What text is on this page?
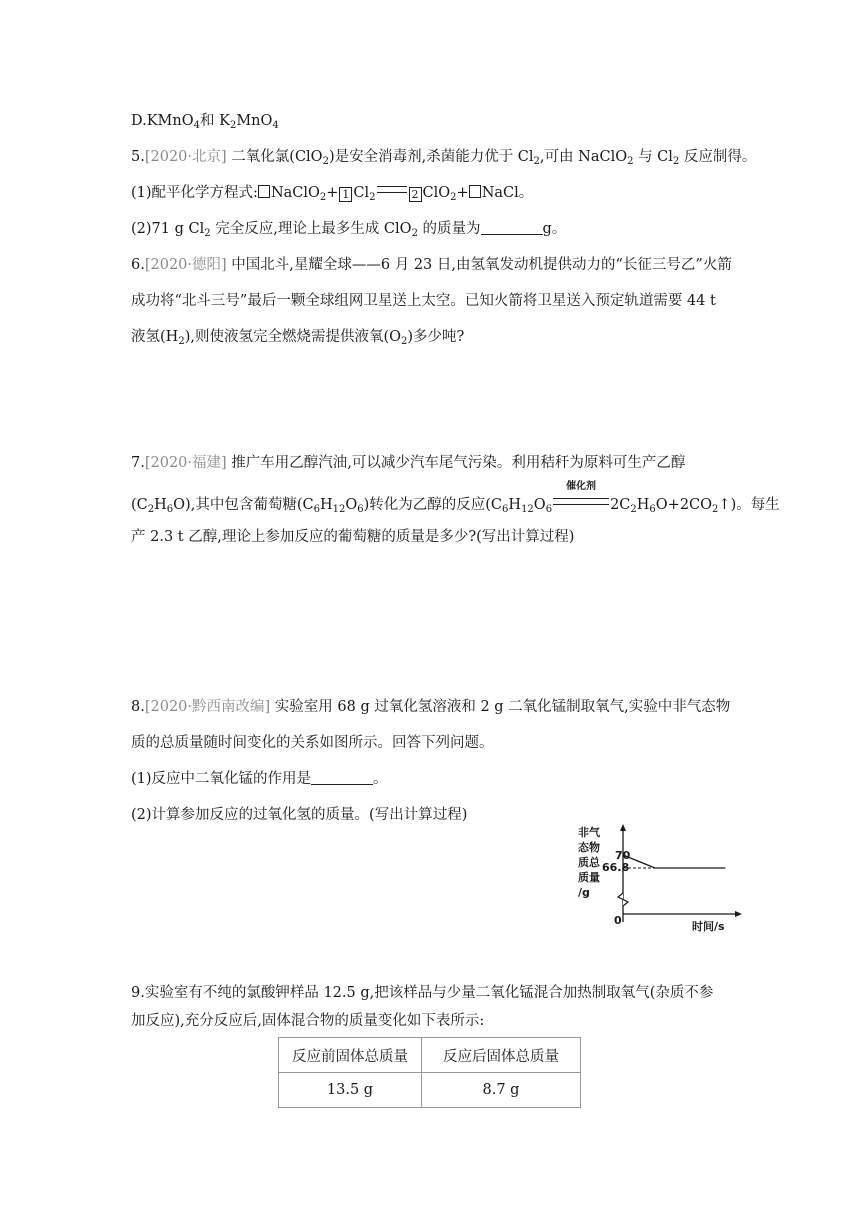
D.KMnO$_4$和 $K_2MnO_4$
5.[2020·北京] 二氧化氯(ClO$_2$)是安全消毒剂,杀菌能力优于 $Cl_2$,可由 NaClO$_2$ 与 $Cl_2$ 反应制得。
(1)配平化学方程式: NaClO$_2$+ 1 $Cl_2$	2 ClO$_2$+ NaCl。
(2)71 g $Cl_2$ 完全反应,理论上最多生成 ClO$_2$ 的质量为	g。
6.[2020·德阳] 中国北斗,星耀全球——6 月 23 日,由氢氧发动机提供动力的“长征三号乙”火箭
成功将“北斗三号”最后一颗全球组网卫星送上太空。已知火箭将卫星送入预定轨道需要 44 t
液氢$(H_2)$,则使液氢完全燃烧需提供液氧$(O_2)$多少吨?
7.[2020·福建] 推广车用乙醇汽油,可以减少汽车尾气污染。利用秸秆为原料可生产乙醇
$(C_2H_6O)$,其中包含葡萄糖$(C_6H_{12}O_6)$转化为乙醇的反应($C_6H_{12}O_6$
催化剂
$2C_2H_6O+2CO_2↑$)。每生
产 2.3 t 乙醇,理论上参加反应的葡萄糖的质量是多少?(写出计算过程)
8.[2020·黔西南改编] 实验室用 68 g 过氧化氢溶液和 2 g 二氧化锰制取氧气,实验中非气态物
质的总质量随时间变化的关系如图所示。回答下列问题。
(1)反应中二氧化锰的作用是	。
(2)计算参加反应的过氧化氢的质量。(写出计算过程)
非气
态物
质总
质量
/g
70
66.8
0	时间/s
9.实验室有不纯的氯酸钾样品 12.5 g,把该样品与少量二氧化锰混合加热制取氧气(杂质不参
加反应),充分反应后,固体混合物的质量变化如下表所示:
反应前固体总质量	反应后固体总质量
13.5 g	8.7 g
